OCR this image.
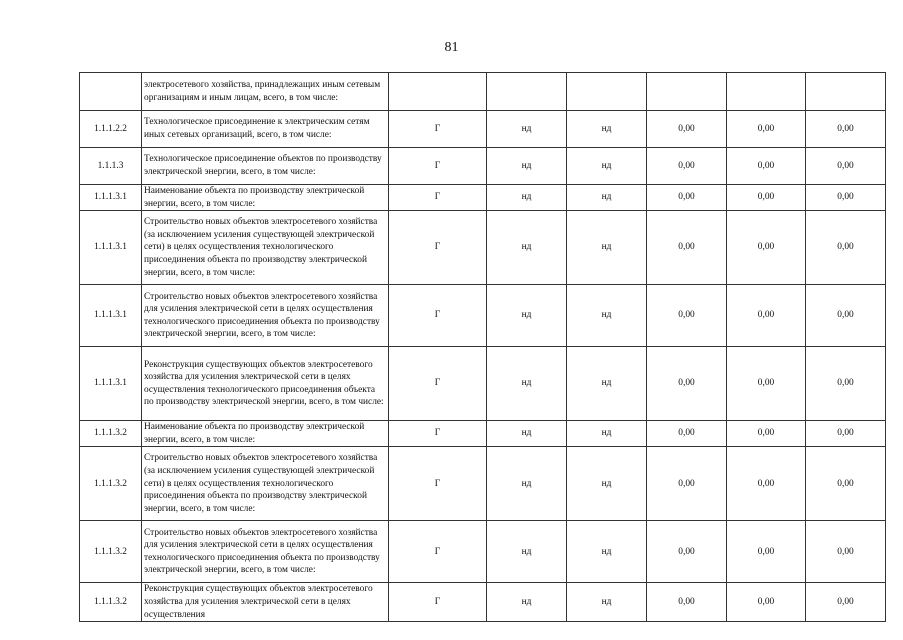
81
	электросетевого хозяйства, принадлежащих иным сетевым организациям и иным лицам, всего, в том числе:						
1.1.1.2.2	Технологическое присоединение к электрическим сетям иных сетевых организаций, всего, в том числе:	Г	нд	нд	0,00	0,00	0,00
1.1.1.3	Технологическое присоединение объектов по производству электрической энергии, всего, в том числе:	Г	нд	нд	0,00	0,00	0,00
1.1.1.3.1	Наименование объекта по производству электрической энергии, всего, в том числе:	Г	нд	нд	0,00	0,00	0,00
1.1.1.3.1	Строительство новых объектов электросетевого хозяйства (за исключением усиления существующей электрической сети) в целях осуществления технологического присоединения объекта по производству электрической энергии, всего, в том числе:	Г	нд	нд	0,00	0,00	0,00
1.1.1.3.1	Строительство новых объектов электросетевого хозяйства для усиления электрической сети в целях осуществления технологического присоединения объекта по производству электрической энергии, всего, в том числе:	Г	нд	нд	0,00	0,00	0,00
1.1.1.3.1	Реконструкция существующих объектов электросетевого хозяйства для усиления электрической сети в целях осуществления технологического присоединения объекта по производству электрической энергии, всего, в том числе:	Г	нд	нд	0,00	0,00	0,00
1.1.1.3.2	Наименование объекта по производству электрической энергии, всего, в том числе:	Г	нд	нд	0,00	0,00	0,00
1.1.1.3.2	Строительство новых объектов электросетевого хозяйства (за исключением усиления существующей электрической сети) в целях осуществления технологического присоединения объекта по производству электрической энергии, всего, в том числе:	Г	нд	нд	0,00	0,00	0,00
1.1.1.3.2	Строительство новых объектов электросетевого хозяйства для усиления электрической сети в целях осуществления технологического присоединения объекта по производству электрической энергии, всего, в том числе:	Г	нд	нд	0,00	0,00	0,00
1.1.1.3.2	Реконструкция существующих объектов электросетевого хозяйства для усиления электрической сети в целях осуществления	Г	нд	нд	0,00	0,00	0,00
